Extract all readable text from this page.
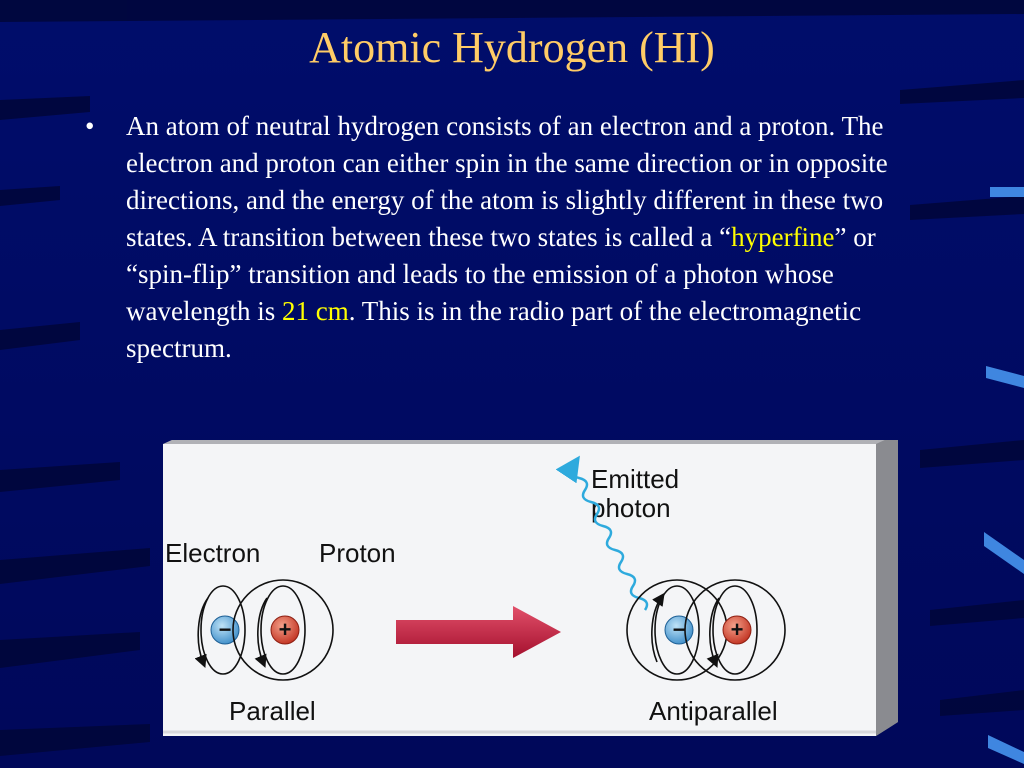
Atomic Hydrogen (HI)
• An atom of neutral hydrogen consists of an electron and a proton. The electron and proton can either spin in the same direction or in opposite directions, and the energy of the atom is slightly different in these two states. A transition between these two states is called a “hyperfine” or “spin-flip” transition and leads to the emission of a photon whose wavelength is 21 cm. This is in the radio part of the electromagnetic spectrum.
Electron Proton
Emitted
photon
Parallel	Antiparallel
− +	− +
